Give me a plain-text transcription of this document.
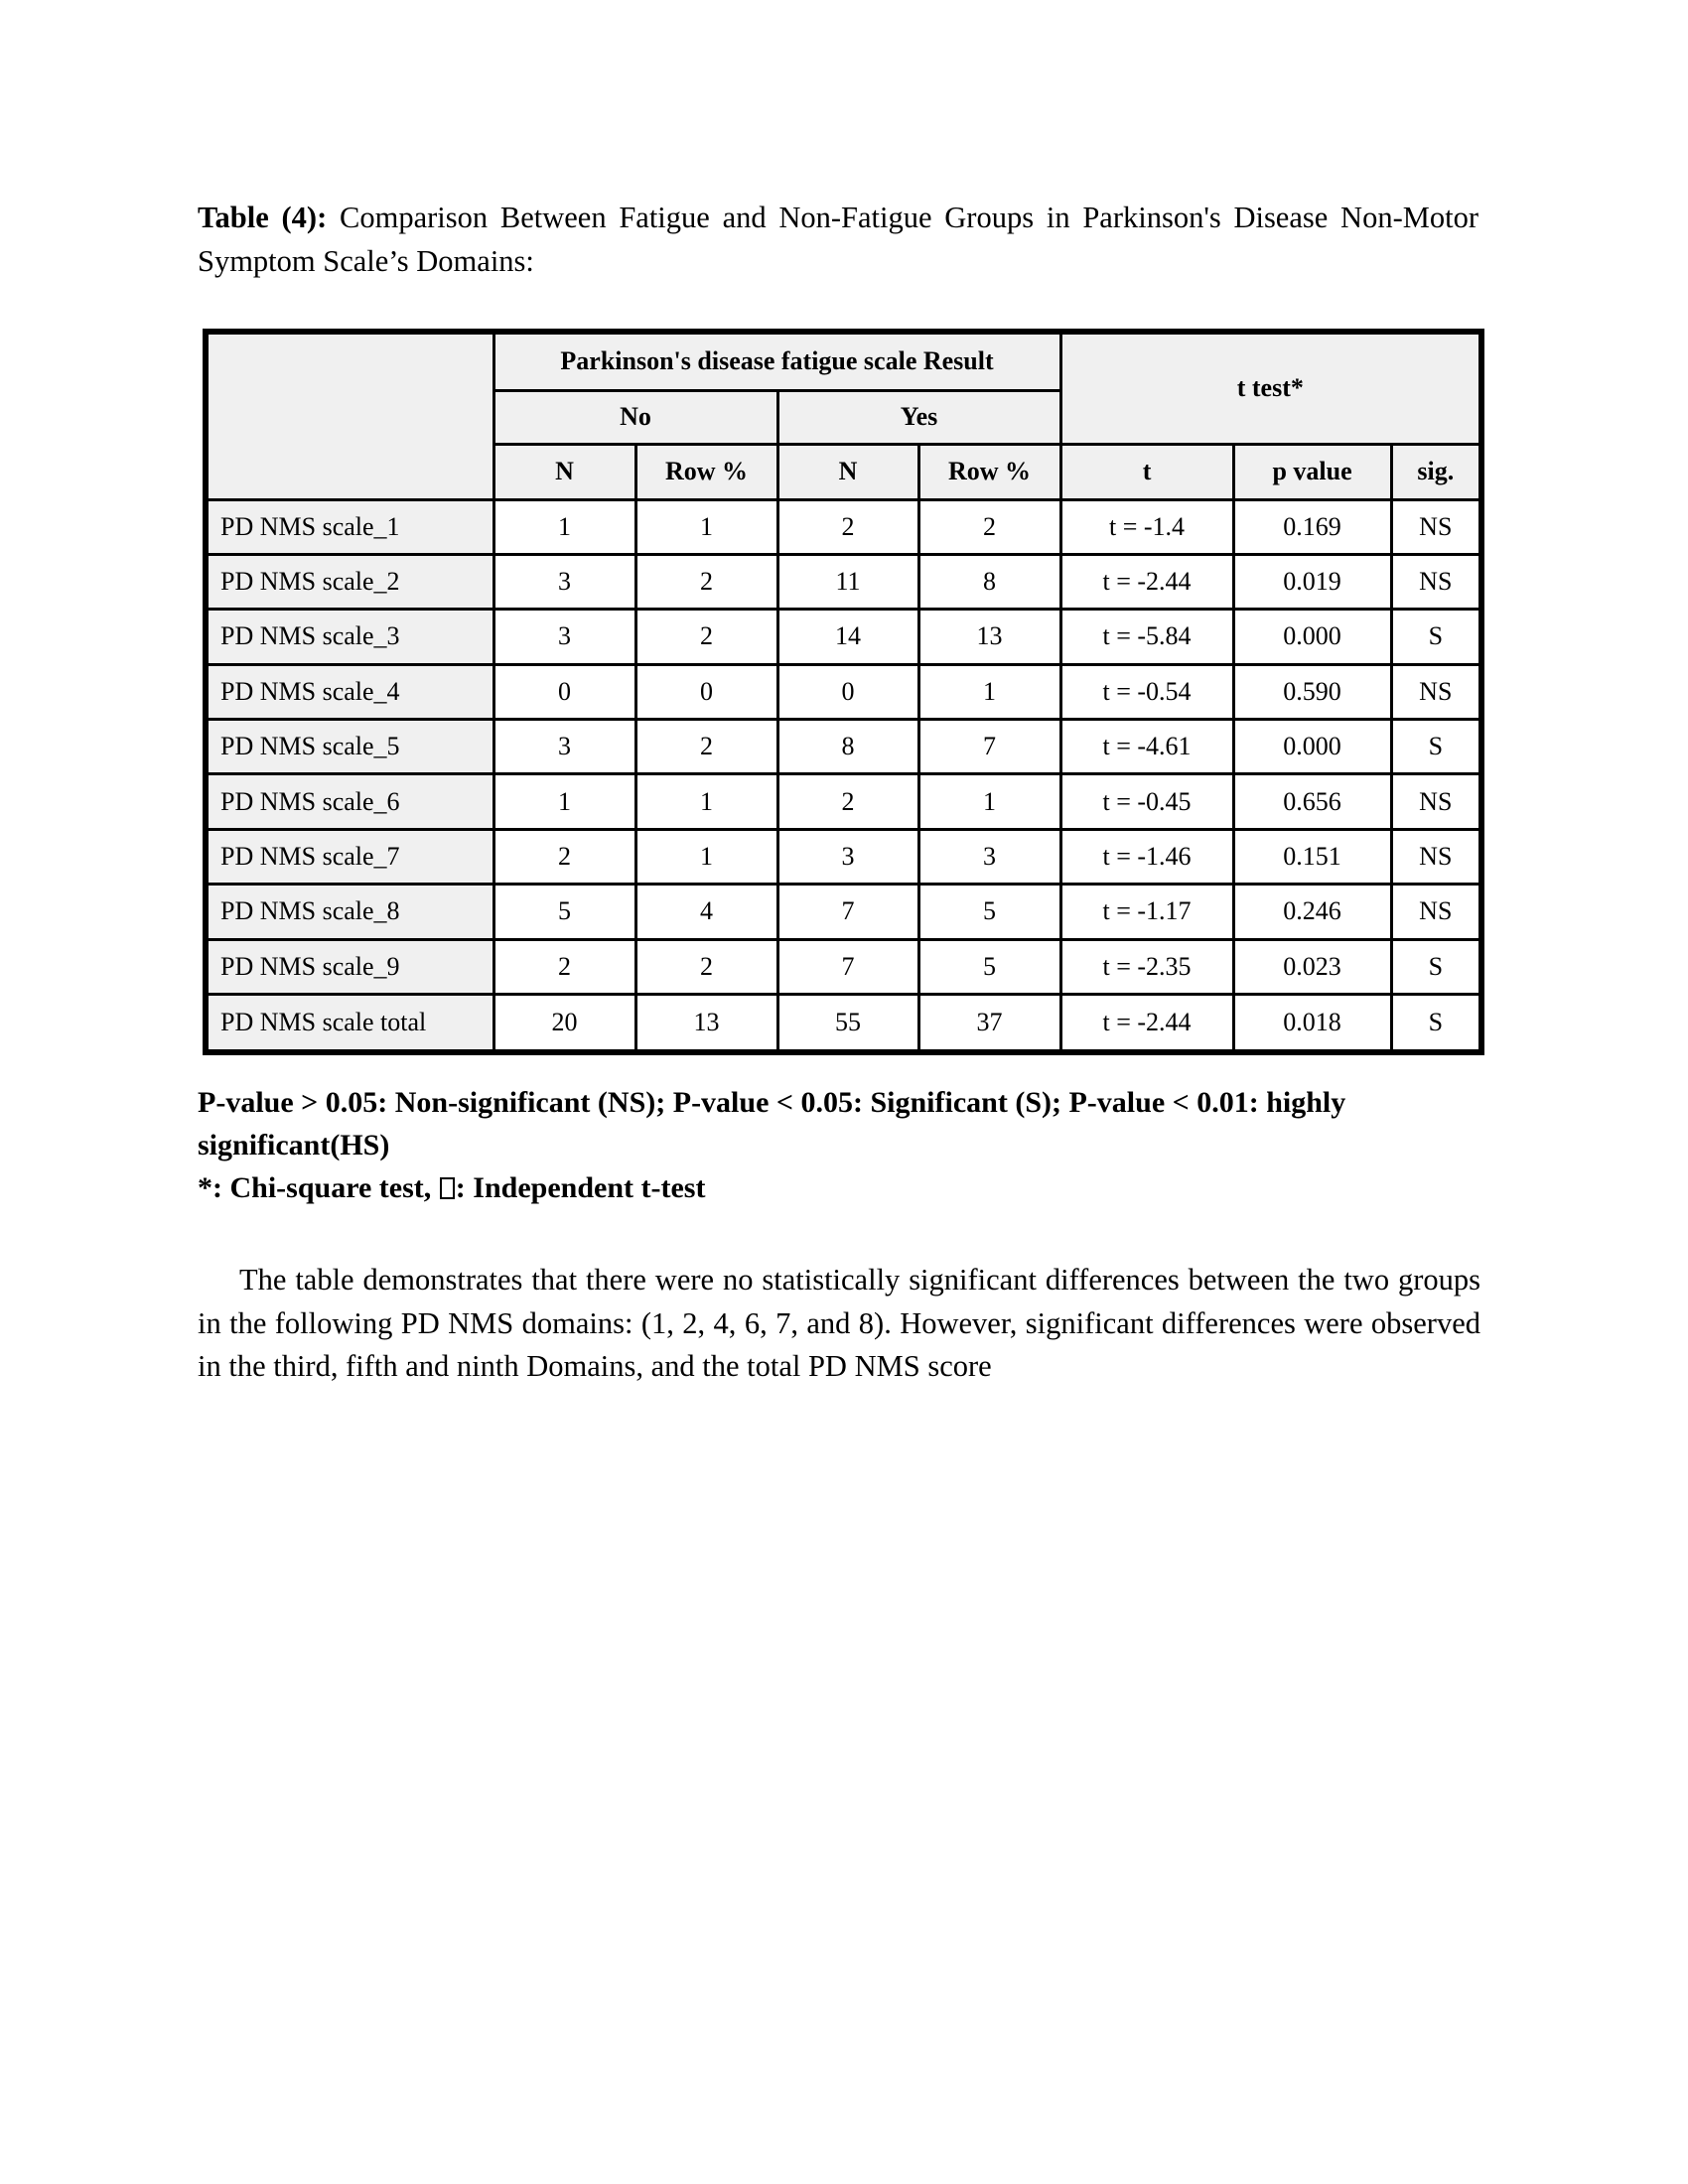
Table (4): Comparison Between Fatigue and Non-Fatigue Groups in Parkinson's Disease Non-Motor Symptom Scale’s Domains:
	Parkinson's disease fatigue scale Result				t test*		
	No		Yes				
	N	Row %	N	Row %	t	p value	sig.
PD NMS scale_1	1	1	2	2	t = -1.4	0.169	NS
PD NMS scale_2	3	2	11	8	t = -2.44	0.019	NS
PD NMS scale_3	3	2	14	13	t = -5.84	0.000	S
PD NMS scale_4	0	0	0	1	t = -0.54	0.590	NS
PD NMS scale_5	3	2	8	7	t = -4.61	0.000	S
PD NMS scale_6	1	1	2	1	t = -0.45	0.656	NS
PD NMS scale_7	2	1	3	3	t = -1.46	0.151	NS
PD NMS scale_8	5	4	7	5	t = -1.17	0.246	NS
PD NMS scale_9	2	2	7	5	t = -2.35	0.023	S
PD NMS scale total	20	13	55	37	t = -2.44	0.018	S

P-value > 0.05: Non-significant (NS); P-value < 0.05: Significant (S); P-value < 0.01: highly significant(HS)

*: Chi-square test, : Independent t-test

The table demonstrates that there were no statistically significant differences between the two groups in the following PD NMS domains: (1, 2, 4, 6, 7, and 8). However, significant differences were observed in the third, fifth and ninth Domains, and the total PD NMS score
